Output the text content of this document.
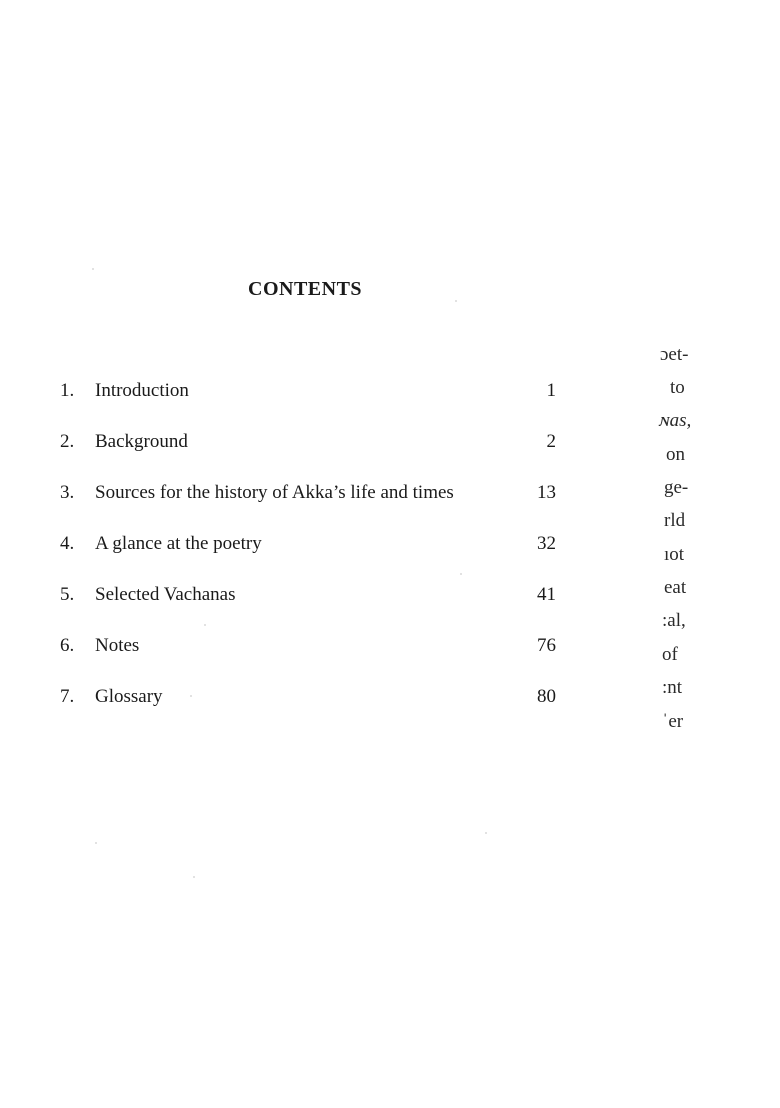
CONTENTS
1. Introduction	1
2. Background	2
3. Sources for the history of Akka’s life and times	13
4. A glance at the poetry	32
5. Selected Vachanas	41
6. Notes	76
7. Glossary	80
ɔet-
to
ɴas,
on
ge-
rld
ıot
eat
:al,
of
:nt
ˈer
